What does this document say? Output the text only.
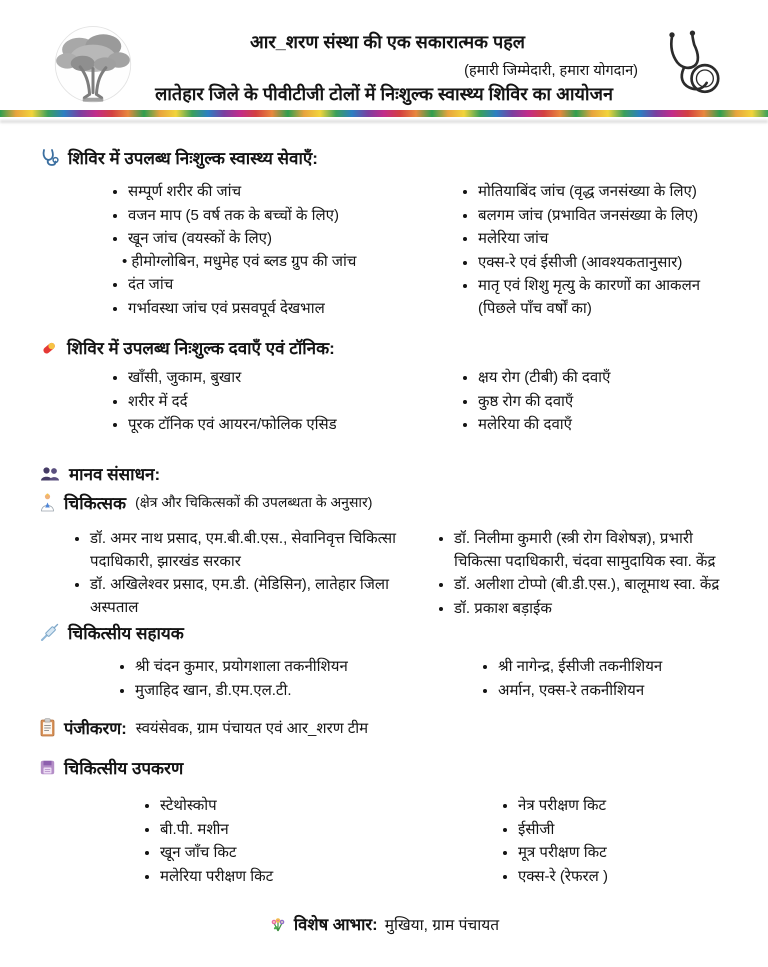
आर_शरण संस्था की एक सकारात्मक पहल
(हमारी जिम्मेदारी, हमारा योगदान)
लातेहार जिले के पीवीटीजी टोलों में निःशुल्क स्वास्थ्य शिविर का आयोजन
शिविर में उपलब्ध निःशुल्क स्वास्थ्य सेवाएँ:
• सम्पूर्ण शरीर की जांच
• वजन माप (5 वर्ष तक के बच्चों के लिए)
• खून जांच (वयस्कों के लिए)
• हीमोग्लोबिन, मधुमेह एवं ब्लड ग्रुप की जांच
• दंत जांच
• गर्भावस्था जांच एवं प्रसवपूर्व देखभाल
• मोतियाबिंद जांच (वृद्ध जनसंख्या के लिए)
• बलगम जांच (प्रभावित जनसंख्या के लिए)
• मलेरिया जांच
• एक्स-रे एवं ईसीजी (आवश्यकतानुसार)
• मातृ एवं शिशु मृत्यु के कारणों का आकलन (पिछले पाँच वर्षों का)
शिविर में उपलब्ध निःशुल्क दवाएँ एवं टॉनिक:
• खाँसी, जुकाम, बुखार
• शरीर में दर्द
• पूरक टॉनिक एवं आयरन/फोलिक एसिड
• क्षय रोग (टीबी) की दवाएँ
• कुष्ठ रोग की दवाएँ
• मलेरिया की दवाएँ
मानव संसाधन:
चिकित्सक (क्षेत्र और चिकित्सकों की उपलब्धता के अनुसार)
• डॉ. अमर नाथ प्रसाद, एम.बी.बी.एस., सेवानिवृत्त चिकित्सा पदाधिकारी, झारखंड सरकार
• डॉ. अखिलेश्वर प्रसाद, एम.डी. (मेडिसिन), लातेहार जिला अस्पताल
• डॉ. निलीमा कुमारी (स्त्री रोग विशेषज्ञ), प्रभारी चिकित्सा पदाधिकारी, चंदवा सामुदायिक स्वा. केंद्र
• डॉ. अलीशा टोप्पो (बी.डी.एस.), बालूमाथ स्वा. केंद्र
• डॉ. प्रकाश बड़ाईक
चिकित्सीय सहायक
• श्री चंदन कुमार, प्रयोगशाला तकनीशियन
• मुजाहिद खान, डी.एम.एल.टी.
• श्री नागेन्द्र, ईसीजी तकनीशियन
• अर्मान, एक्स-रे तकनीशियन
पंजीकरण: स्वयंसेवक, ग्राम पंचायत एवं आर_शरण टीम
चिकित्सीय उपकरण
• स्टेथोस्कोप
• बी.पी. मशीन
• खून जाँच किट
• मलेरिया परीक्षण किट
• नेत्र परीक्षण किट
• ईसीजी
• मूत्र परीक्षण किट
• एक्स-रे (रेफरल )
विशेष आभार: मुखिया, ग्राम पंचायत
